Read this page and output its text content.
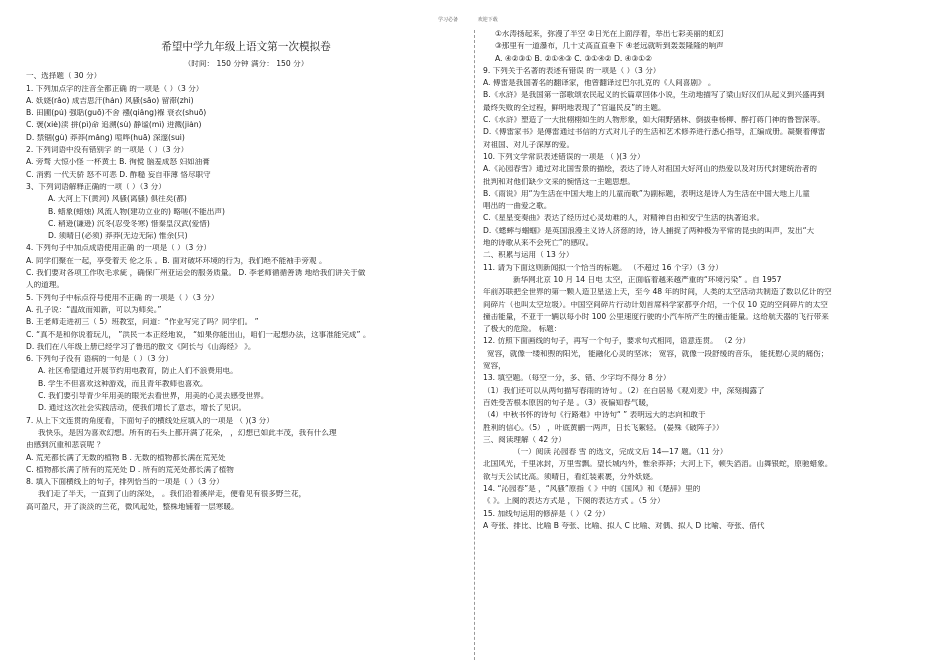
学习必备	欢迎下载
希望中学九年级上语文第一次模拟卷
（时间： 150 分钟 满分： 150 分）
一、选择题（ 30 分）
1. 下列加点字的注音全都正确 的一项是（ ）（3 分）
A. 妖娆(rǎo) 成吉思汗(hán) 风骚(sāo) 留滞(zhì)
B. 田圃(pú) 强聒(guō)不舍 襁(qiǎng)褓 衰衣(shuō)
C. 褒(xiè)渎 拼(pì)命 追溯(sù) 静谧(mì) 迸溅(jiàn)
D. 禁锢(gù) 莽莽(mǎng) 喧哗(huā) 深邃(suì)
2. 下列词语中没有错别字 的一项是（ ）（3 分）
A. 旁骛 大惊小怪 一杯黄土 B. 徇傥 脑羞成怒 妇如油膏
C. 消鸦 一代天骄 怒不可恶 D. 酢糙 妄自菲薄 恪尽职守
3、下列词语解释正确的一项（ ）（3 分）
A. 大河上下(黄河) 风骚(离骚) 俱往矣(都)
B. 蜡象(蜡烛) 风流人物(建功立业的) 略嗟(不能出声)
C. 稍逊(谦逊) 沉冬(忍受冬寒) 惜秦皇汉武(爱惜)
D. 须晴日(必须) 莽莽(无边无际) 惟余(只)
4. 下列句子中加点成语使用正确 的一项是（ ）（3 分）
A. 同学们聚在一起，享受着天 伦之乐 。B. 面对破坏环境的行为，我们绝不能袖手旁观 。
C. 我们要对各项工作吹毛求疵 ，确保广州亚运会的服务质量。 D. 李老师循循善诱 地给我们讲关于做
人的道理。
5. 下列句子中标点符号使用不正确 的一项是（ ）（3 分）
A. 孔子说：“温故而知新，可以为师矣。”
B. 王老师走进初三（ 5）班教室，问道：“作业写完了吗？同学们。 ”
C. “真不是和你说着玩儿， ”洪民一本正经地说， “如果你能出山，咱们一起想办法，这事准能完成” 。
D. 我们在八年级上册已经学习了鲁迅的散文《阿长与《山海经》 》。
6. 下列句子没有 语病的一句是（ ）（3 分）
A. 社区希望通过开展节约用电教育，防止人们不浪费用电。
B. 学生不但喜欢这种游戏，而且青年教师也喜欢。
C. 我们要引导青少年用美的眼光去看世界，用美的心灵去感受世界。
D. 通过这次社会实践活动，使我们增长了意志，增长了见识。
7. 从上下文连贯的角度看，下面句子的横线处应填入的一项是 （ )(3 分）
我快乐，是因为喜欢幻想。所有的石头上都开满了花朵， ，幻想已如此丰茂，我有什么理
由感到沉重和悲哀呢 ？
A. 荒芜都长满了无数的植物 B . 无数的植物都长满在荒芜处
C. 植物都长满了所有的荒芜处 D . 所有的荒芜处都长满了植物
8. 填入下面横线上的句子，排列恰当的一项是（ ）（3 分）
我们走了半天，一直到了山的深处， 。我们沿着溪岸走，便看见有很多野兰花，
高可盈尺，开了淡淡的兰花，微风起处，整株地铺着一层寒暖。
①水涛扬起来，弥漫了半空 ②日光在上面浮着，举出七彩美丽的虹幻
③那里有一道瀑布，几十丈高直直垂下 ④老远就听到轰轰隆隆的响声
A. ④②③① B. ②①④③ C. ③①④② D. ④③①②
9. 下列关于名著的表述有错误 的一项是（ ）（3 分）
A. 傅雷是我国著名的翻译家，他曾翻译过巴尔扎克的《人间喜剧》 。
B.《水浒》是我国第一部歌颂农民起义的长篇章回体小说，生动地描写了梁山好汉们从起义到兴盛再到
最终失败的全过程，鲜明地表现了“官逼民反”的主题。
C.《水浒》塑造了一大批栩栩如生的人物形象，如大闹野猪林、倒拔垂杨柳、醉打蒋门神的鲁智深等。
D.《傅雷家书》是傅雷通过书信的方式对儿子的生活和艺术修养进行悉心指导，汇编成册。凝聚着傅雷
对祖国、对儿子深厚的爱。
10. 下列文学常识表述错误的一项是 （ )(3 分）
A.《沁园春雪》通过对北国雪景的描绘，表达了诗人对祖国大好河山的热爱以及对历代封建统治者的
批判和对他们缺少文采的惋惜这一主题思想。
B.《雨说》用“为生活在中国大地上的儿童而歌”为副标题，表明这是诗人为生活在中国大地上儿童
唱出的一曲爱之歌。
C.《星星变奏曲》表达了经历过心灵劫难的人，对精神自由和安宁生活的执著追求。
D.《蟋蟀与蝈蝈》是英国浪漫主义诗人济慈的诗，诗人捕捉了两种极为平常的昆虫的叫声，发出“大
地的诗歌从来不会死亡”的感叹。
二、积累与运用（ 13 分）
11. 请为下面这则新闻拟一个恰当的标题。 （不超过 16 个字）（3 分）
新华网北京 10 月 14 日电 太空，正面临着越来越严重的“环境污染” 。自 1957
年前苏联把全世界的第一颗人造卫星送上天，至今 48 年的时间，人类的太空活动共制造了数以亿计的空
间碎片（也叫太空垃圾）。中国空间碎片行动计划首席科学家都亨介绍，一个仅 10 克的空间碎片的太空
撞击能量，不亚于一辆以每小时 100 公里速度行驶的小汽车所产生的撞击能量。这给航天器的飞行带来
了极大的危险。 标题：
12. 仿照下面画线的句子，再写一个句子，要求句式相同，语意连贯。 （2 分）
宽容，就像一缕和煦的阳光， 能融化心灵的坚冰； 宽容，就像一段舒缓的音乐， 能抚慰心灵的痛伤；
宽容，
13. 填空题。（每空一分，多、错、少字均不得分 8 分）
（1）我们还可以从两句描写春雨的诗句 。（2）在白居易《观刈麦》中，深刻揭露了
百姓受苦根本原因的句子是 。（3）夜偏知春气暖，
（4）中秋书怀的诗句《行路难》中诗句“ ” 表明远大的志向和敢于
胜利的信心。（5） ，叶底黄鹂一两声，日长飞絮轻。 (晏殊《破阵子》）
三、阅读理解（ 42 分）
（一）阅读 沁园春 雪 的选文，完成文后 14—17 题。（11 分）
北国风光，千里冰封，万里雪飘。望长城内外，惟余莽莽；大河上下，顿失滔滔。山舞银蛇，原驰蜡象。
欲与天公试比高。须晴日，看红装素裹，分外妖娆。
14. “沁园春”是 ，“风骚”原指《 》中的《国风》和《楚辞》里的
《 》。上阕的表达方式是 ，下阕的表达方式 。（5 分）
15. 加线句运用的修辞是（ ）（2 分）
A 夸张、排比、比喻 B 夸张、比喻、拟人 C 比喻、对偶、拟人 D 比喻、夸张、借代
